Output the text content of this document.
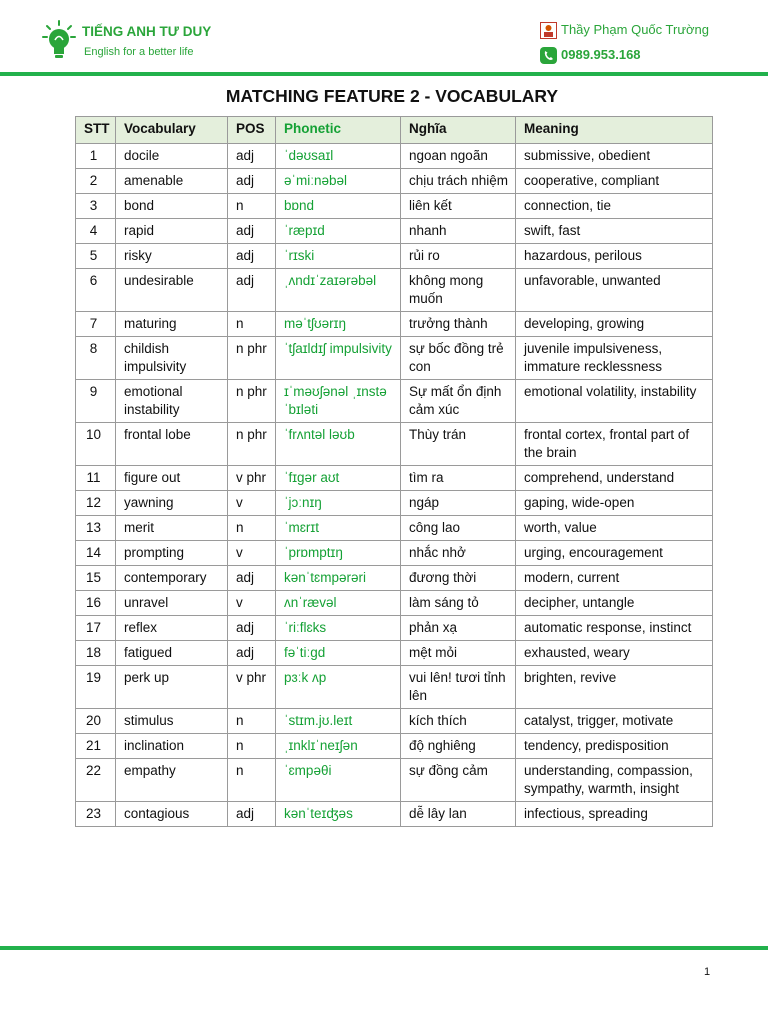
TIẾNG ANH TƯ DUY
English for a better life
Thầy Phạm Quốc Trường
0989.953.168
MATCHING FEATURE 2 - VOCABULARY
STT	Vocabulary	POS	Phonetic	Nghĩa	Meaning
1	docile	adj	ˈdəʊsaɪl	ngoan ngoãn	submissive, obedient
2	amenable	adj	əˈmiːnəbəl	chịu trách nhiệm	cooperative, compliant
3	bond	n	bɒnd	liên kết	connection, tie
4	rapid	adj	ˈræpɪd	nhanh	swift, fast
5	risky	adj	ˈrɪski	rủi ro	hazardous, perilous
6	undesirable	adj	ˌʌndɪˈzaɪərəbəl	không mong muốn	unfavorable, unwanted
7	maturing	n	məˈtʃʊərɪŋ	trưởng thành	developing, growing
8	childish impulsivity	n phr	ˈtʃaɪldɪʃ impulsivity	sự bốc đồng trẻ con	juvenile impulsiveness, immature recklessness
9	emotional instability	n phr	ɪˈməʊʃənəl ˌɪnstəˈbɪləti	Sự mất ổn định cảm xúc	emotional volatility, instability
10	frontal lobe	n phr	ˈfrʌntəl ləʊb	Thùy trán	frontal cortex, frontal part of the brain
11	figure out	v phr	ˈfɪgər aʊt	tìm ra	comprehend, understand
12	yawning	v	ˈjɔːnɪŋ	ngáp	gaping, wide-open
13	merit	n	ˈmɛrɪt	công lao	worth, value
14	prompting	v	ˈprɒmptɪŋ	nhắc nhở	urging, encouragement
15	contemporary	adj	kənˈtɛmpərəri	đương thời	modern, current
16	unravel	v	ʌnˈrævəl	làm sáng tỏ	decipher, untangle
17	reflex	adj	ˈriːflɛks	phản xạ	automatic response, instinct
18	fatigued	adj	fəˈtiːgd	mệt mỏi	exhausted, weary
19	perk up	v phr	pɜːk ʌp	vui lên! tươi tỉnh lên	brighten, revive
20	stimulus	n	ˈstɪm.jʊ.leɪt	kích thích	catalyst, trigger, motivate
21	inclination	n	ˌɪnklɪˈneɪʃən	độ nghiêng	tendency, predisposition
22	empathy	n	ˈɛmpəθi	sự đồng cảm	understanding, compassion, sympathy, warmth, insight
23	contagious	adj	kənˈteɪʤəs	dễ lây lan	infectious, spreading
1
